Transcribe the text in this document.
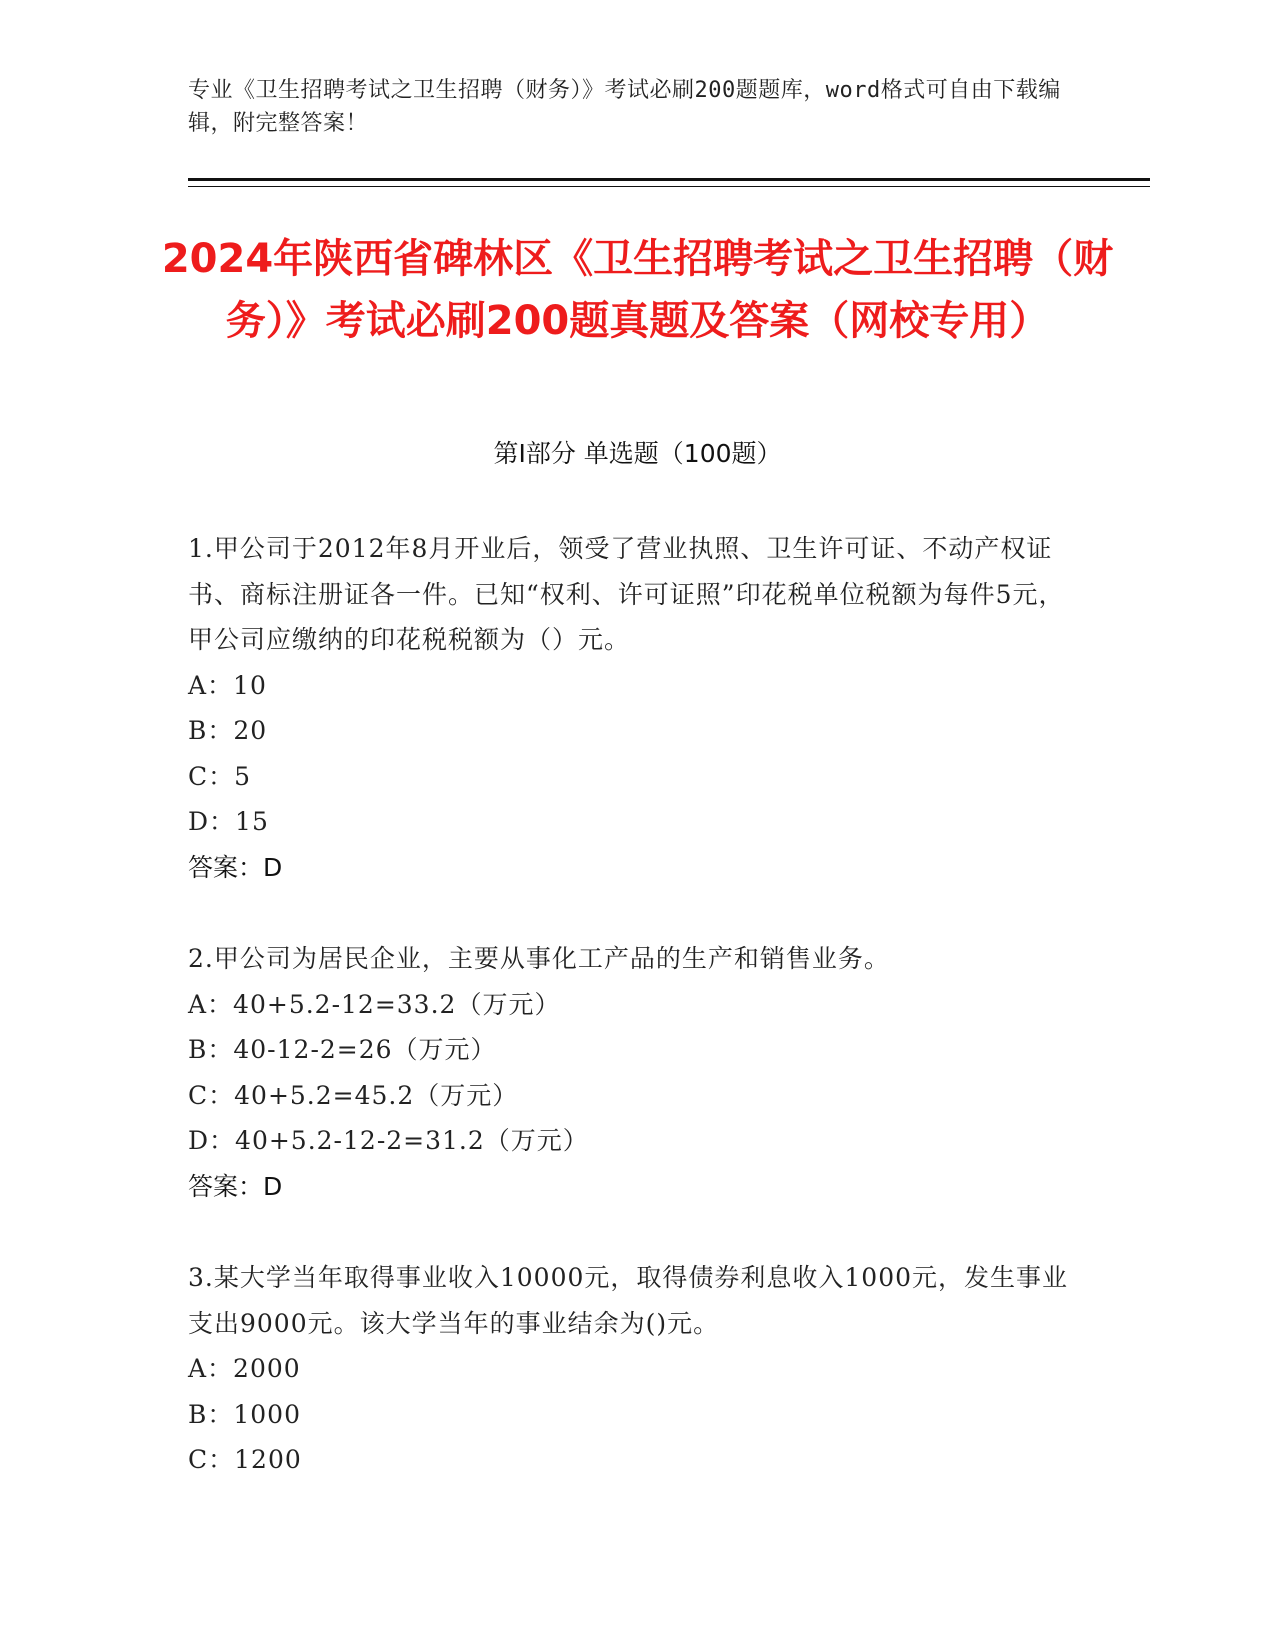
专业《卫生招聘考试之卫生招聘（财务）》考试必刷200题题库，word格式可自由下载编辑，附完整答案！
2024年陕西省碑林区《卫生招聘考试之卫生招聘（财务）》考试必刷200题真题及答案（网校专用）
第I部分 单选题（100题）
1.甲公司于2012年8月开业后，领受了营业执照、卫生许可证、不动产权证书、商标注册证各一件。已知“权利、许可证照”印花税单位税额为每件5元，甲公司应缴纳的印花税税额为（）元。
A：10
B：20
C：5
D：15
答案：D
2.甲公司为居民企业，主要从事化工产品的生产和销售业务。
A：40+5.2-12=33.2（万元）
B：40-12-2=26（万元）
C：40+5.2=45.2（万元）
D：40+5.2-12-2=31.2（万元）
答案：D
3.某大学当年取得事业收入10000元，取得债券利息收入1000元，发生事业支出9000元。该大学当年的事业结余为()元。
A：2000
B：1000
C：1200
